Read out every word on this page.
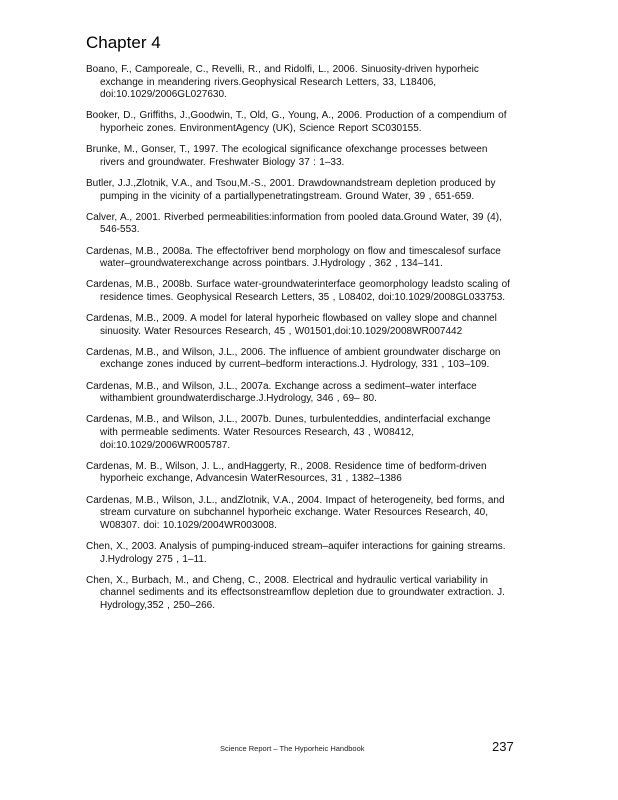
Chapter 4
Boano, F., Camporeale, C., Revelli, R., and Ridolfi, L., 2006. Sinuosity-driven hyporheic exchange in meandering rivers.Geophysical Research Letters, 33, L18406, doi:10.1029/2006GL027630.
Booker, D., Griffiths, J.,Goodwin, T., Old, G., Young, A., 2006. Production of a compendium of hyporheic zones. EnvironmentAgency (UK), Science Report SC030155.
Brunke, M., Gonser, T., 1997. The ecological significance ofexchange processes between rivers and groundwater. Freshwater Biology 37 : 1–33.
Butler, J.J.,Zlotnik, V.A., and Tsou,M.-S., 2001. Drawdownandstream depletion produced by pumping in the vicinity of a partiallypenetratingstream. Ground Water, 39 , 651-659.
Calver, A., 2001. Riverbed permeabilities:information from pooled data.Ground Water, 39 (4), 546-553.
Cardenas, M.B., 2008a. The effectofriver bend morphology on flow and timescalesof surface water–groundwaterexchange across pointbars. J.Hydrology , 362 , 134–141.
Cardenas, M.B., 2008b. Surface water-groundwaterinterface geomorphology leadsto scaling of residence times. Geophysical Research Letters, 35 , L08402, doi:10.1029/2008GL033753.
Cardenas, M.B., 2009. A model for lateral hyporheic flowbased on valley slope and channel sinuosity. Water Resources Research, 45 , W01501,doi:10.1029/2008WR007442
Cardenas, M.B., and Wilson, J.L., 2006. The influence of ambient groundwater discharge on exchange zones induced by current–bedform interactions.J. Hydrology, 331 , 103–109.
Cardenas, M.B., and Wilson, J.L., 2007a. Exchange across a sediment–water interface withambient groundwaterdischarge.J.Hydrology, 346 , 69– 80.
Cardenas, M.B., and Wilson, J.L., 2007b. Dunes, turbulenteddies, andinterfacial exchange with permeable sediments. Water Resources Research, 43 , W08412, doi:10.1029/2006WR005787.
Cardenas, M. B., Wilson, J. L., andHaggerty, R., 2008. Residence time of bedform-driven hyporheic exchange, Advancesin WaterResources, 31 , 1382–1386
Cardenas, M.B., Wilson, J.L., andZlotnik, V.A., 2004. Impact of heterogeneity, bed forms, and stream curvature on subchannel hyporheic exchange. Water Resources Research, 40, W08307. doi: 10.1029/2004WR003008.
Chen, X., 2003. Analysis of pumping-induced stream–aquifer interactions for gaining streams. J.Hydrology 275 , 1–11.
Chen, X., Burbach, M., and Cheng, C., 2008. Electrical and hydraulic vertical variability in channel sediments and its effectsonstreamflow depletion due to groundwater extraction. J. Hydrology,352 , 250–266.
Science Report – The Hyporheic Handbook	237
